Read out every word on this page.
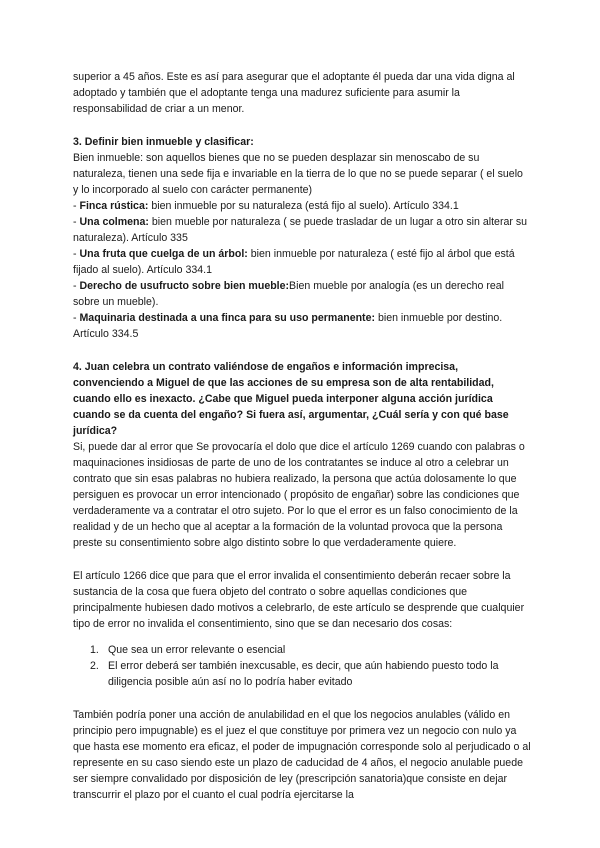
superior a 45 años. Este es así para asegurar que el adoptante él pueda dar una vida digna al adoptado y también que el adoptante tenga una madurez suficiente para asumir la responsabilidad de criar a un menor.

3. Definir bien inmueble y clasificar:

Bien inmueble: son aquellos bienes que no se pueden desplazar sin menoscabo de su naturaleza, tienen una sede fija e invariable en la tierra de lo que no se puede separar ( el suelo y lo incorporado al suelo con carácter permanente)

- Finca rústica: bien inmueble por su naturaleza (está fijo al suelo). Artículo 334.1

- Una colmena: bien mueble por naturaleza ( se puede trasladar de un lugar a otro sin alterar su naturaleza). Artículo 335

- Una fruta que cuelga de un árbol: bien inmueble por naturaleza ( esté fijo al árbol que está fijado al suelo). Artículo 334.1

- Derecho de usufructo sobre bien mueble:Bien mueble por analogía (es un derecho real sobre un mueble).

- Maquinaria destinada a una finca para su uso permanente: bien inmueble por destino. Artículo 334.5

4. Juan celebra un contrato valiéndose de engaños e información imprecisa, convenciendo a Miguel de que las acciones de su empresa son de alta rentabilidad, cuando ello es inexacto. ¿Cabe que Miguel pueda interponer alguna acción jurídica cuando se da cuenta del engaño? Si fuera así, argumentar, ¿Cuál sería y con qué base jurídica?

Si, puede dar al error que Se provocaría el dolo que dice el artículo 1269 cuando con palabras o maquinaciones insidiosas de parte de uno de los contratantes se induce al otro a celebrar un contrato que sin esas palabras no hubiera realizado, la persona que actúa dolosamente lo que persiguen es provocar un error intencionado ( propósito de engañar) sobre las condiciones que verdaderamente va a contratar el otro sujeto. Por lo que el error es un falso conocimiento de la realidad y de un hecho que al aceptar a la formación de la voluntad provoca que la persona preste su consentimiento sobre algo distinto sobre lo que verdaderamente quiere.

El artículo 1266 dice que para que el error invalida el consentimiento deberán recaer sobre la sustancia de la cosa que fuera objeto del contrato o sobre aquellas condiciones que principalmente hubiesen dado motivos a celebrarlo, de este artículo se desprende que cualquier tipo de error no invalida el consentimiento, sino que se dan necesario dos cosas:

1. Que sea un error relevante o esencial
2. El error deberá ser también inexcusable, es decir, que aún habiendo puesto todo la diligencia posible aún así no lo podría haber evitado

También podría poner una acción de anulabilidad en el que los negocios anulables (válido en principio pero impugnable) es el juez el que constituye por primera vez un negocio con nulo ya que hasta ese momento era eficaz, el poder de impugnación corresponde solo al perjudicado o al represente en su caso siendo este un plazo de caducidad de 4 años, el negocio anulable puede ser siempre convalidado por disposición de ley (prescripción sanatoria)que consiste en dejar transcurrir el plazo por el cuanto el cual podría ejercitarse la
